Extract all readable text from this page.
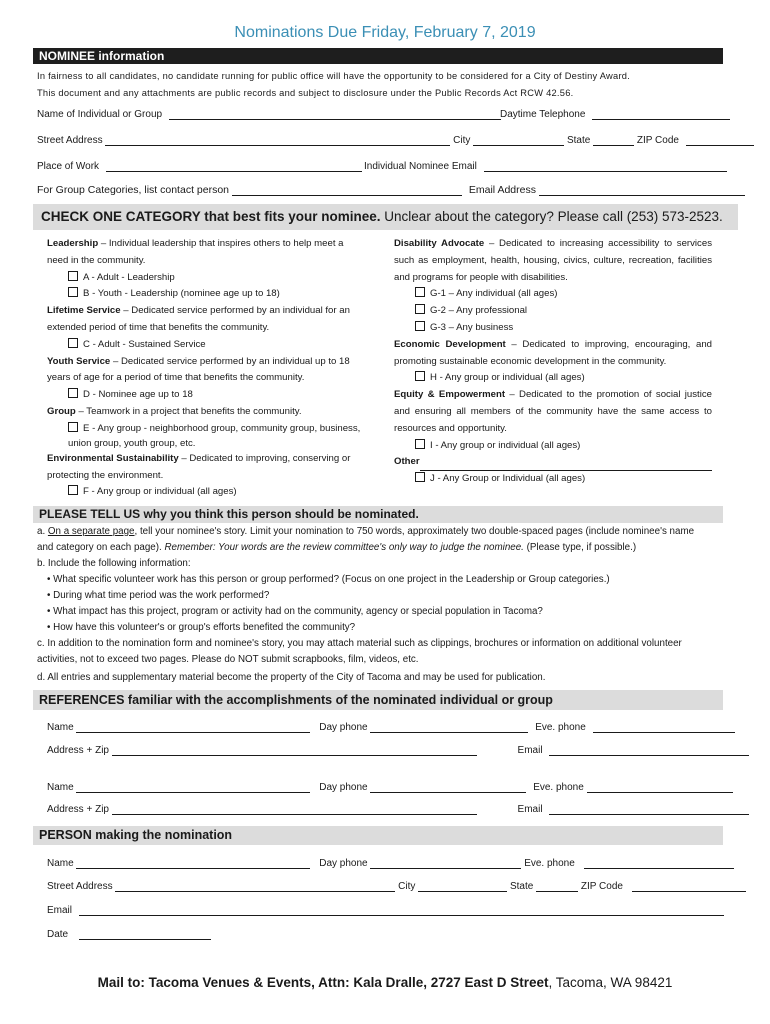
Nominations Due Friday, February 7, 2019
NOMINEE information
In fairness to all candidates, no candidate running for public office will have the opportunity to be considered for a City of Destiny Award.
This document and any attachments are public records and subject to disclosure under the Public Records Act RCW 42.56.
Name of Individual or Group	Daytime Telephone
Street Address	City	State	ZIP Code
Place of Work	Individual Nominee Email
For Group Categories, list contact person	Email Address
CHECK ONE CATEGORY that best fits your nominee. Unclear about the category? Please call (253) 573-2523.
Leadership – Individual leadership that inspires others to help meet a need in the community.
A - Adult - Leadership
B - Youth - Leadership (nominee age up to 18)
Lifetime Service – Dedicated service performed by an individual for an extended period of time that benefits the community.
C - Adult - Sustained Service
Youth Service – Dedicated service performed by an individual up to 18 years of age for a period of time that benefits the community.
D - Nominee age up to 18
Group – Teamwork in a project that benefits the community.
E - Any group - neighborhood group, community group, business, union group, youth group, etc.
Environmental Sustainability – Dedicated to improving, conserving or protecting the environment.
F - Any group or individual (all ages)
Disability Advocate – Dedicated to increasing accessibility to services such as employment, health, housing, civics, culture, recreation, facilities and programs for people with disabilities.
G-1 – Any individual (all ages)
G-2 – Any professional
G-3 – Any business
Economic Development – Dedicated to improving, encouraging, and promoting sustainable economic development in the community.
H - Any group or individual (all ages)
Equity & Empowerment – Dedicated to the promotion of social justice and ensuring all members of the community have the same access to resources and opportunity.
I - Any group or individual (all ages)
Other
J - Any Group or Individual (all ages)
PLEASE TELL US why you think this person should be nominated.
a. On a separate page, tell your nominee's story. Limit your nomination to 750 words, approximately two double-spaced pages (include nominee's name
and category on each page). Remember: Your words are the review committee's only way to judge the nominee. (Please type, if possible.)
b. Include the following information:
• What specific volunteer work has this person or group performed? (Focus on one project in the Leadership or Group categories.)
• During what time period was the work performed?
• What impact has this project, program or activity had on the community, agency or special population in Tacoma?
• How have this volunteer's or group's efforts benefited the community?
c. In addition to the nomination form and nominee's story, you may attach material such as clippings, brochures or information on additional volunteer
activities, not to exceed two pages. Please do NOT submit scrapbooks, film, videos, etc.
d. All entries and supplementary material become the property of the City of Tacoma and may be used for publication.
REFERENCES familiar with the accomplishments of the nominated individual or group
Name	Day phone	Eve. phone
Address + Zip	Email
Name	Day phone	Eve. phone
Address + Zip	Email
PERSON making the nomination
Name	Day phone	Eve. phone
Street Address	City	State	ZIP Code
Email
Date
Mail to: Tacoma Venues & Events, Attn: Kala Dralle, 2727 East D Street, Tacoma, WA 98421
